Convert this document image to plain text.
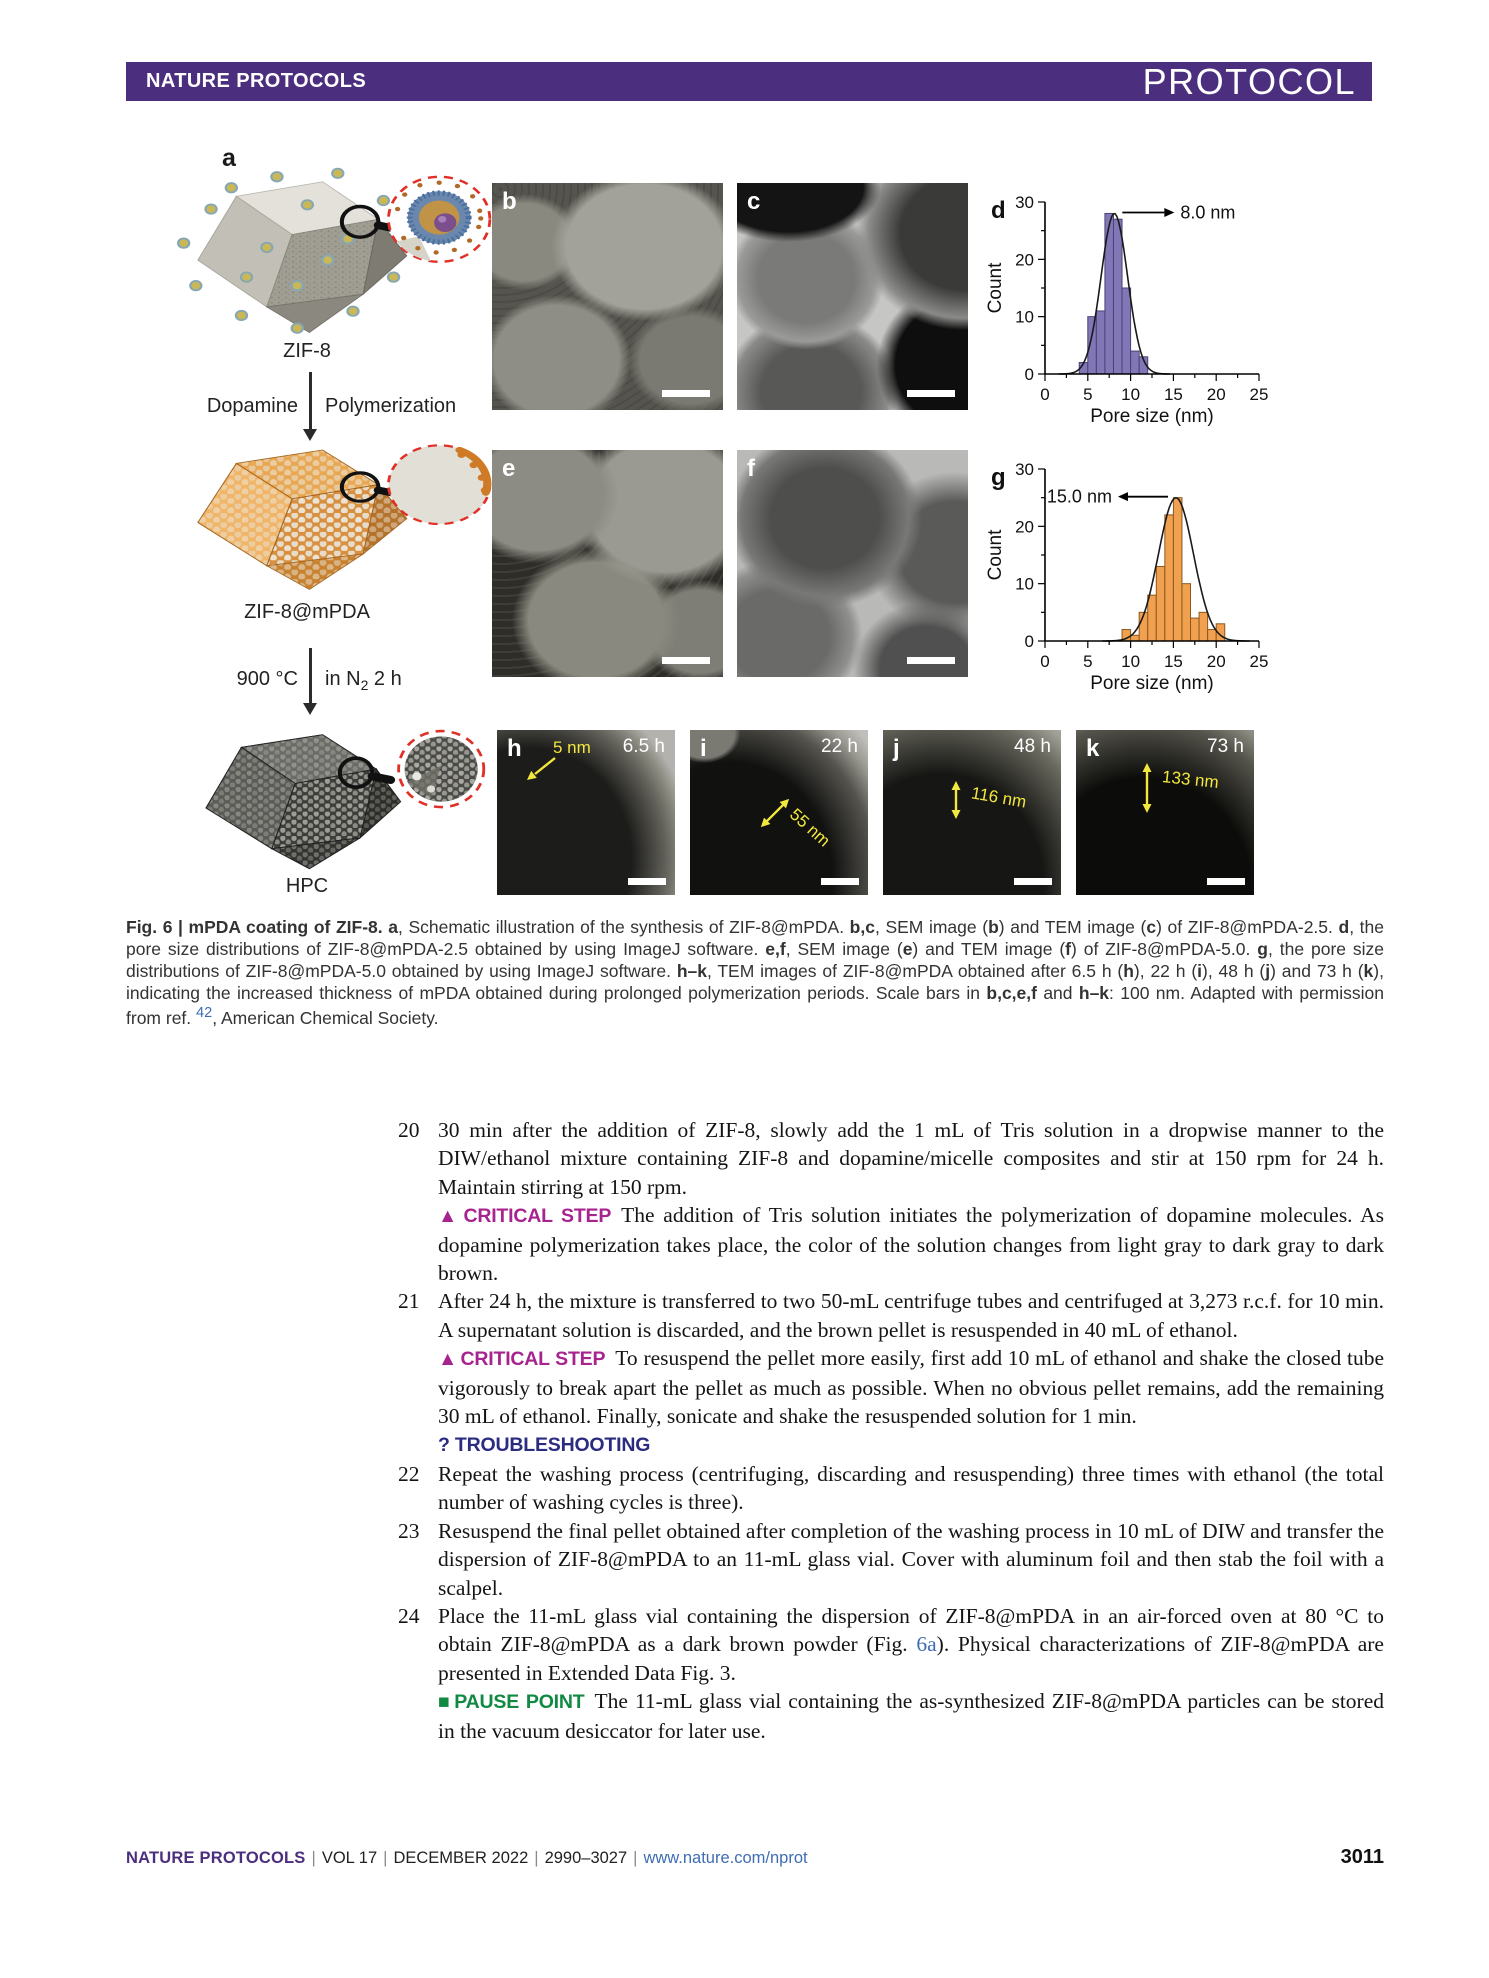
NATURE PROTOCOLS	PROTOCOL
a
ZIF-8
Dopamine Polymerization
ZIF-8@mPDA
900 °C in $N_2$ 2 h
HPC
b	c
e	f
0 5 10 15 20 25
0
10
20
30
Pore size (nm)
Count
d	8.0 nm
0 5 10 15 20 25
0
10
20
30
Pore size (nm)
Count
g
15.0 nm
h	6.5 h
5 nm	i	22 h
55 nm
j	48 h
116 nm
k	73 h
133 nm
Fig. 6 | mPDA coating of ZIF-8. a, Schematic illustration of the synthesis of ZIF-8@mPDA. b,c, SEM image (b) and TEM image (c) of ZIF-8@mPDA-2.5. d, the pore size distributions of ZIF-8@mPDA-2.5 obtained by using ImageJ software. e,f, SEM image (e) and TEM image (f) of ZIF-8@mPDA-5.0. g, the pore size distributions of ZIF-8@mPDA-5.0 obtained by using ImageJ software. h–k, TEM images of ZIF-8@mPDA obtained after 6.5 h (h), 22 h (i), 48 h (j) and 73 h (k), indicating the increased thickness of mPDA obtained during prolonged polymerization periods. Scale bars in b,c,e,f and h–k: 100 nm. Adapted with permission from ref. $^{42}$, American Chemical Society.
20 30 min after the addition of ZIF-8, slowly add the 1 mL of Tris solution in a dropwise manner to the DIW/ethanol mixture containing ZIF-8 and dopamine/micelle composites and stir at 150 rpm for 24 h. Maintain stirring at 150 rpm.
▲ CRITICAL STEP The addition of Tris solution initiates the polymerization of dopamine molecules. As dopamine polymerization takes place, the color of the solution changes from light gray to dark gray to dark brown.
21 After 24 h, the mixture is transferred to two 50-mL centrifuge tubes and centrifuged at 3,273 r.c.f. for 10 min. A supernatant solution is discarded, and the brown pellet is resuspended in 40 mL of ethanol.
▲ CRITICAL STEP To resuspend the pellet more easily, first add 10 mL of ethanol and shake the closed tube vigorously to break apart the pellet as much as possible. When no obvious pellet remains, add the remaining 30 mL of ethanol. Finally, sonicate and shake the resuspended solution for 1 min.
? TROUBLESHOOTING
22 Repeat the washing process (centrifuging, discarding and resuspending) three times with ethanol (the total number of washing cycles is three).
23 Resuspend the final pellet obtained after completion of the washing process in 10 mL of DIW and transfer the dispersion of ZIF-8@mPDA to an 11-mL glass vial. Cover with aluminum foil and then stab the foil with a scalpel.
24 Place the 11-mL glass vial containing the dispersion of ZIF-8@mPDA in an air-forced oven at 80 °C to obtain ZIF-8@mPDA as a dark brown powder (Fig. 6a). Physical characterizations of ZIF-8@mPDA are presented in Extended Data Fig. 3.
■ PAUSE POINT The 11-mL glass vial containing the as-synthesized ZIF-8@mPDA particles can be stored in the vacuum desiccator for later use.
NATURE PROTOCOLS | VOL 17 | DECEMBER 2022 | 2990–3027 | www.nature.com/nprot	3011
